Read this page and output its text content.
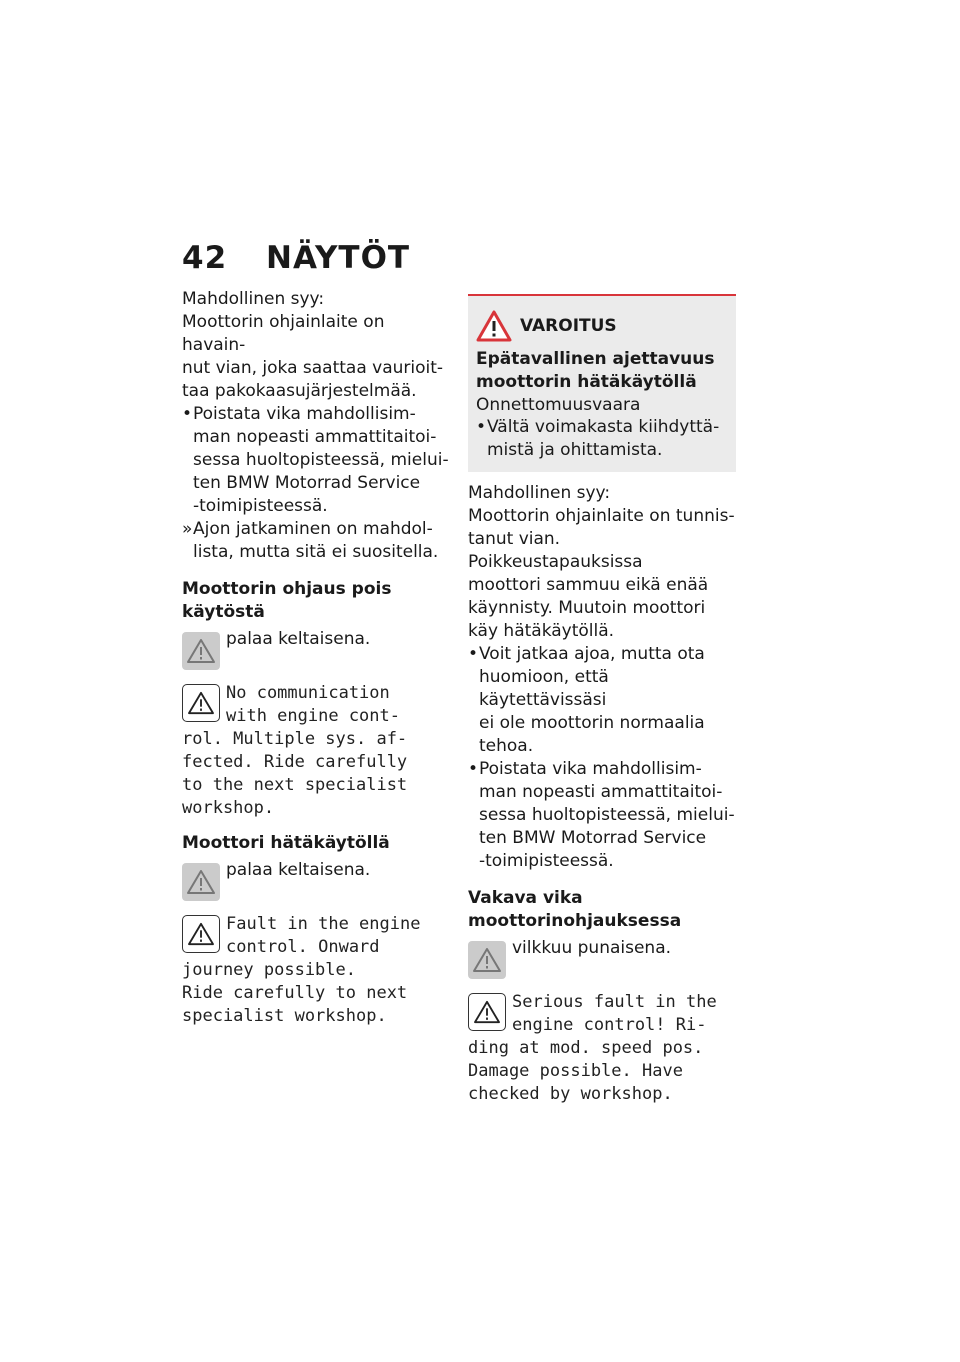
42 NÄYTÖT

Mahdollinen syy:

Moottorin ohjainlaite on havain-

nut vian, joka saattaa vaurioit-

taa pakokaasujärjestelmää.

• Poistata vika mahdollisim-
man nopeasti ammattitaitoi-
sessa huoltopisteessä, mielui-
ten BMW Motorrad Service
-toimipisteessä.
» Ajon jatkaminen on mahdol-
lista, mutta sitä ei suositella.

Moottorin ohjaus pois

käytöstä

palaa keltaisena.

No communication

with engine cont-

rol. Multiple sys. af-

fected. Ride carefully

to the next specialist

workshop.

Moottori hätäkäytöllä

palaa keltaisena.

Fault in the engine

control. Onward

journey possible.

Ride carefully to next

specialist workshop.

VAROITUS

Epätavallinen ajettavuus

moottorin hätäkäytöllä

Onnettomuusvaara

• Vältä voimakasta kiihdyttä-
mistä ja ohittamista.

Mahdollinen syy:

Moottorin ohjainlaite on tunnis-

tanut vian. Poikkeustapauksissa

moottori sammuu eikä enää

käynnisty. Muutoin moottori

käy hätäkäytöllä.

• Voit jatkaa ajoa, mutta ota
huomioon, että käytettävissäsi
ei ole moottorin normaalia
tehoa.
• Poistata vika mahdollisim-
man nopeasti ammattitaitoi-
sessa huoltopisteessä, mielui-
ten BMW Motorrad Service
-toimipisteessä.

Vakava vika

moottorinohjauksessa

vilkkuu punaisena.

Serious fault in the

engine control! Ri-

ding at mod. speed pos.

Damage possible. Have

checked by workshop.
